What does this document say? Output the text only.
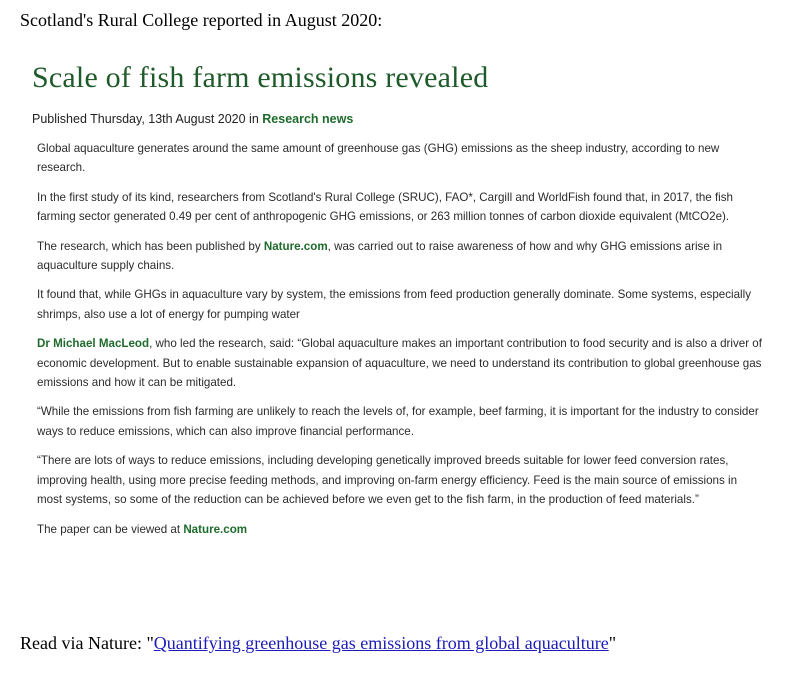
Scotland's Rural College reported in August 2020:

Scale of fish farm emissions revealed
Published Thursday, 13th August 2020 in Research news

Global aquaculture generates around the same amount of greenhouse gas (GHG) emissions as the sheep industry, according to new research.

In the first study of its kind, researchers from Scotland's Rural College (SRUC), FAO*, Cargill and WorldFish found that, in 2017, the fish farming sector generated 0.49 per cent of anthropogenic GHG emissions, or 263 million tonnes of carbon dioxide equivalent (MtCO2e).

The research, which has been published by Nature.com, was carried out to raise awareness of how and why GHG emissions arise in aquaculture supply chains.

It found that, while GHGs in aquaculture vary by system, the emissions from feed production generally dominate. Some systems, especially shrimps, also use a lot of energy for pumping water

Dr Michael MacLeod, who led the research, said: “Global aquaculture makes an important contribution to food security and is also a driver of economic development. But to enable sustainable expansion of aquaculture, we need to understand its contribution to global greenhouse gas emissions and how it can be mitigated.

“While the emissions from fish farming are unlikely to reach the levels of, for example, beef farming, it is important for the industry to consider ways to reduce emissions, which can also improve financial performance.

“There are lots of ways to reduce emissions, including developing genetically improved breeds suitable for lower feed conversion rates, improving health, using more precise feeding methods, and improving on-farm energy efficiency. Feed is the main source of emissions in most systems, so some of the reduction can be achieved before we even get to the fish farm, in the production of feed materials.”

The paper can be viewed at Nature.com

Read via Nature: "Quantifying greenhouse gas emissions from global aquaculture"
